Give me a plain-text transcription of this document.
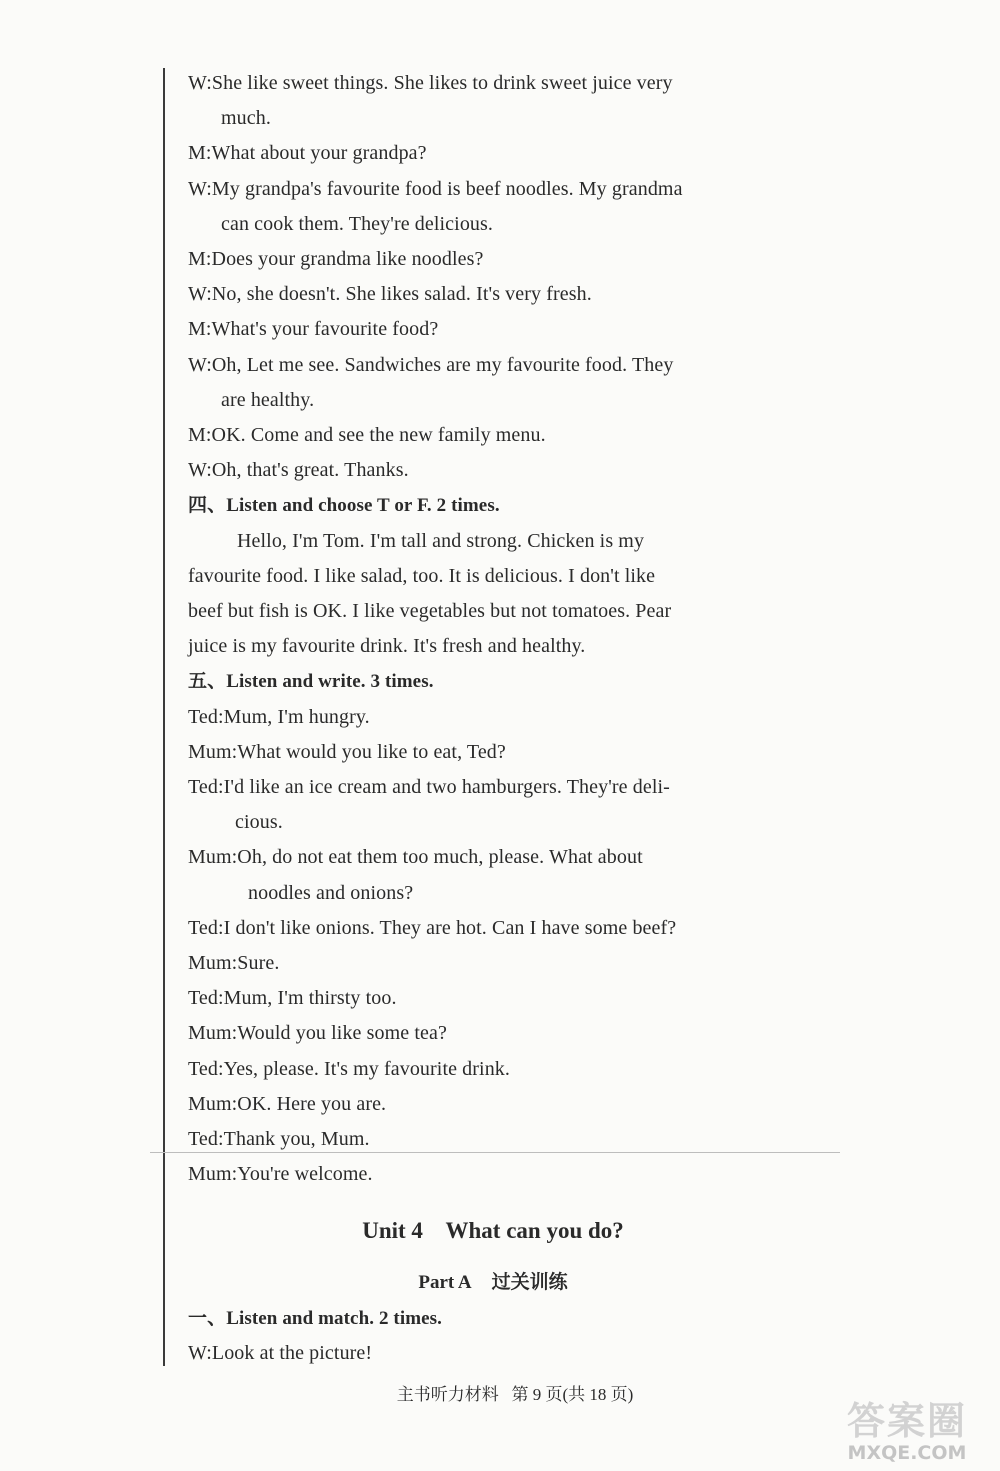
W:She like sweet things. She likes to drink sweet juice very
much.
M:What about your grandpa?
W:My grandpa's favourite food is beef noodles. My grandma
can cook them. They're delicious.
M:Does your grandma like noodles?
W:No, she doesn't. She likes salad. It's very fresh.
M:What's your favourite food?
W:Oh, Let me see. Sandwiches are my favourite food. They
are healthy.
M:OK. Come and see the new family menu.
W:Oh, that's great. Thanks.
四、Listen and choose T or F. 2 times.
Hello, I'm Tom. I'm tall and strong. Chicken is my
favourite food. I like salad, too. It is delicious. I don't like
beef but fish is OK. I like vegetables but not tomatoes. Pear
juice is my favourite drink. It's fresh and healthy.
五、Listen and write. 3 times.
Ted:Mum, I'm hungry.
Mum:What would you like to eat, Ted?
Ted:I'd like an ice cream and two hamburgers. They're deli-
cious.
Mum:Oh, do not eat them too much, please. What about
noodles and onions?
Ted:I don't like onions. They are hot. Can I have some beef?
Mum:Sure.
Ted:Mum, I'm thirsty too.
Mum:Would you like some tea?
Ted:Yes, please. It's my favourite drink.
Mum:OK. Here you are.
Ted:Thank you, Mum.
Mum:You're welcome.
Unit 4    What can you do?
Part A 过关训练
一、Listen and match. 2 times.
W:Look at the picture!
主书听力材料   第 9 页(共 18 页)
答案圈
MXQE.COM
